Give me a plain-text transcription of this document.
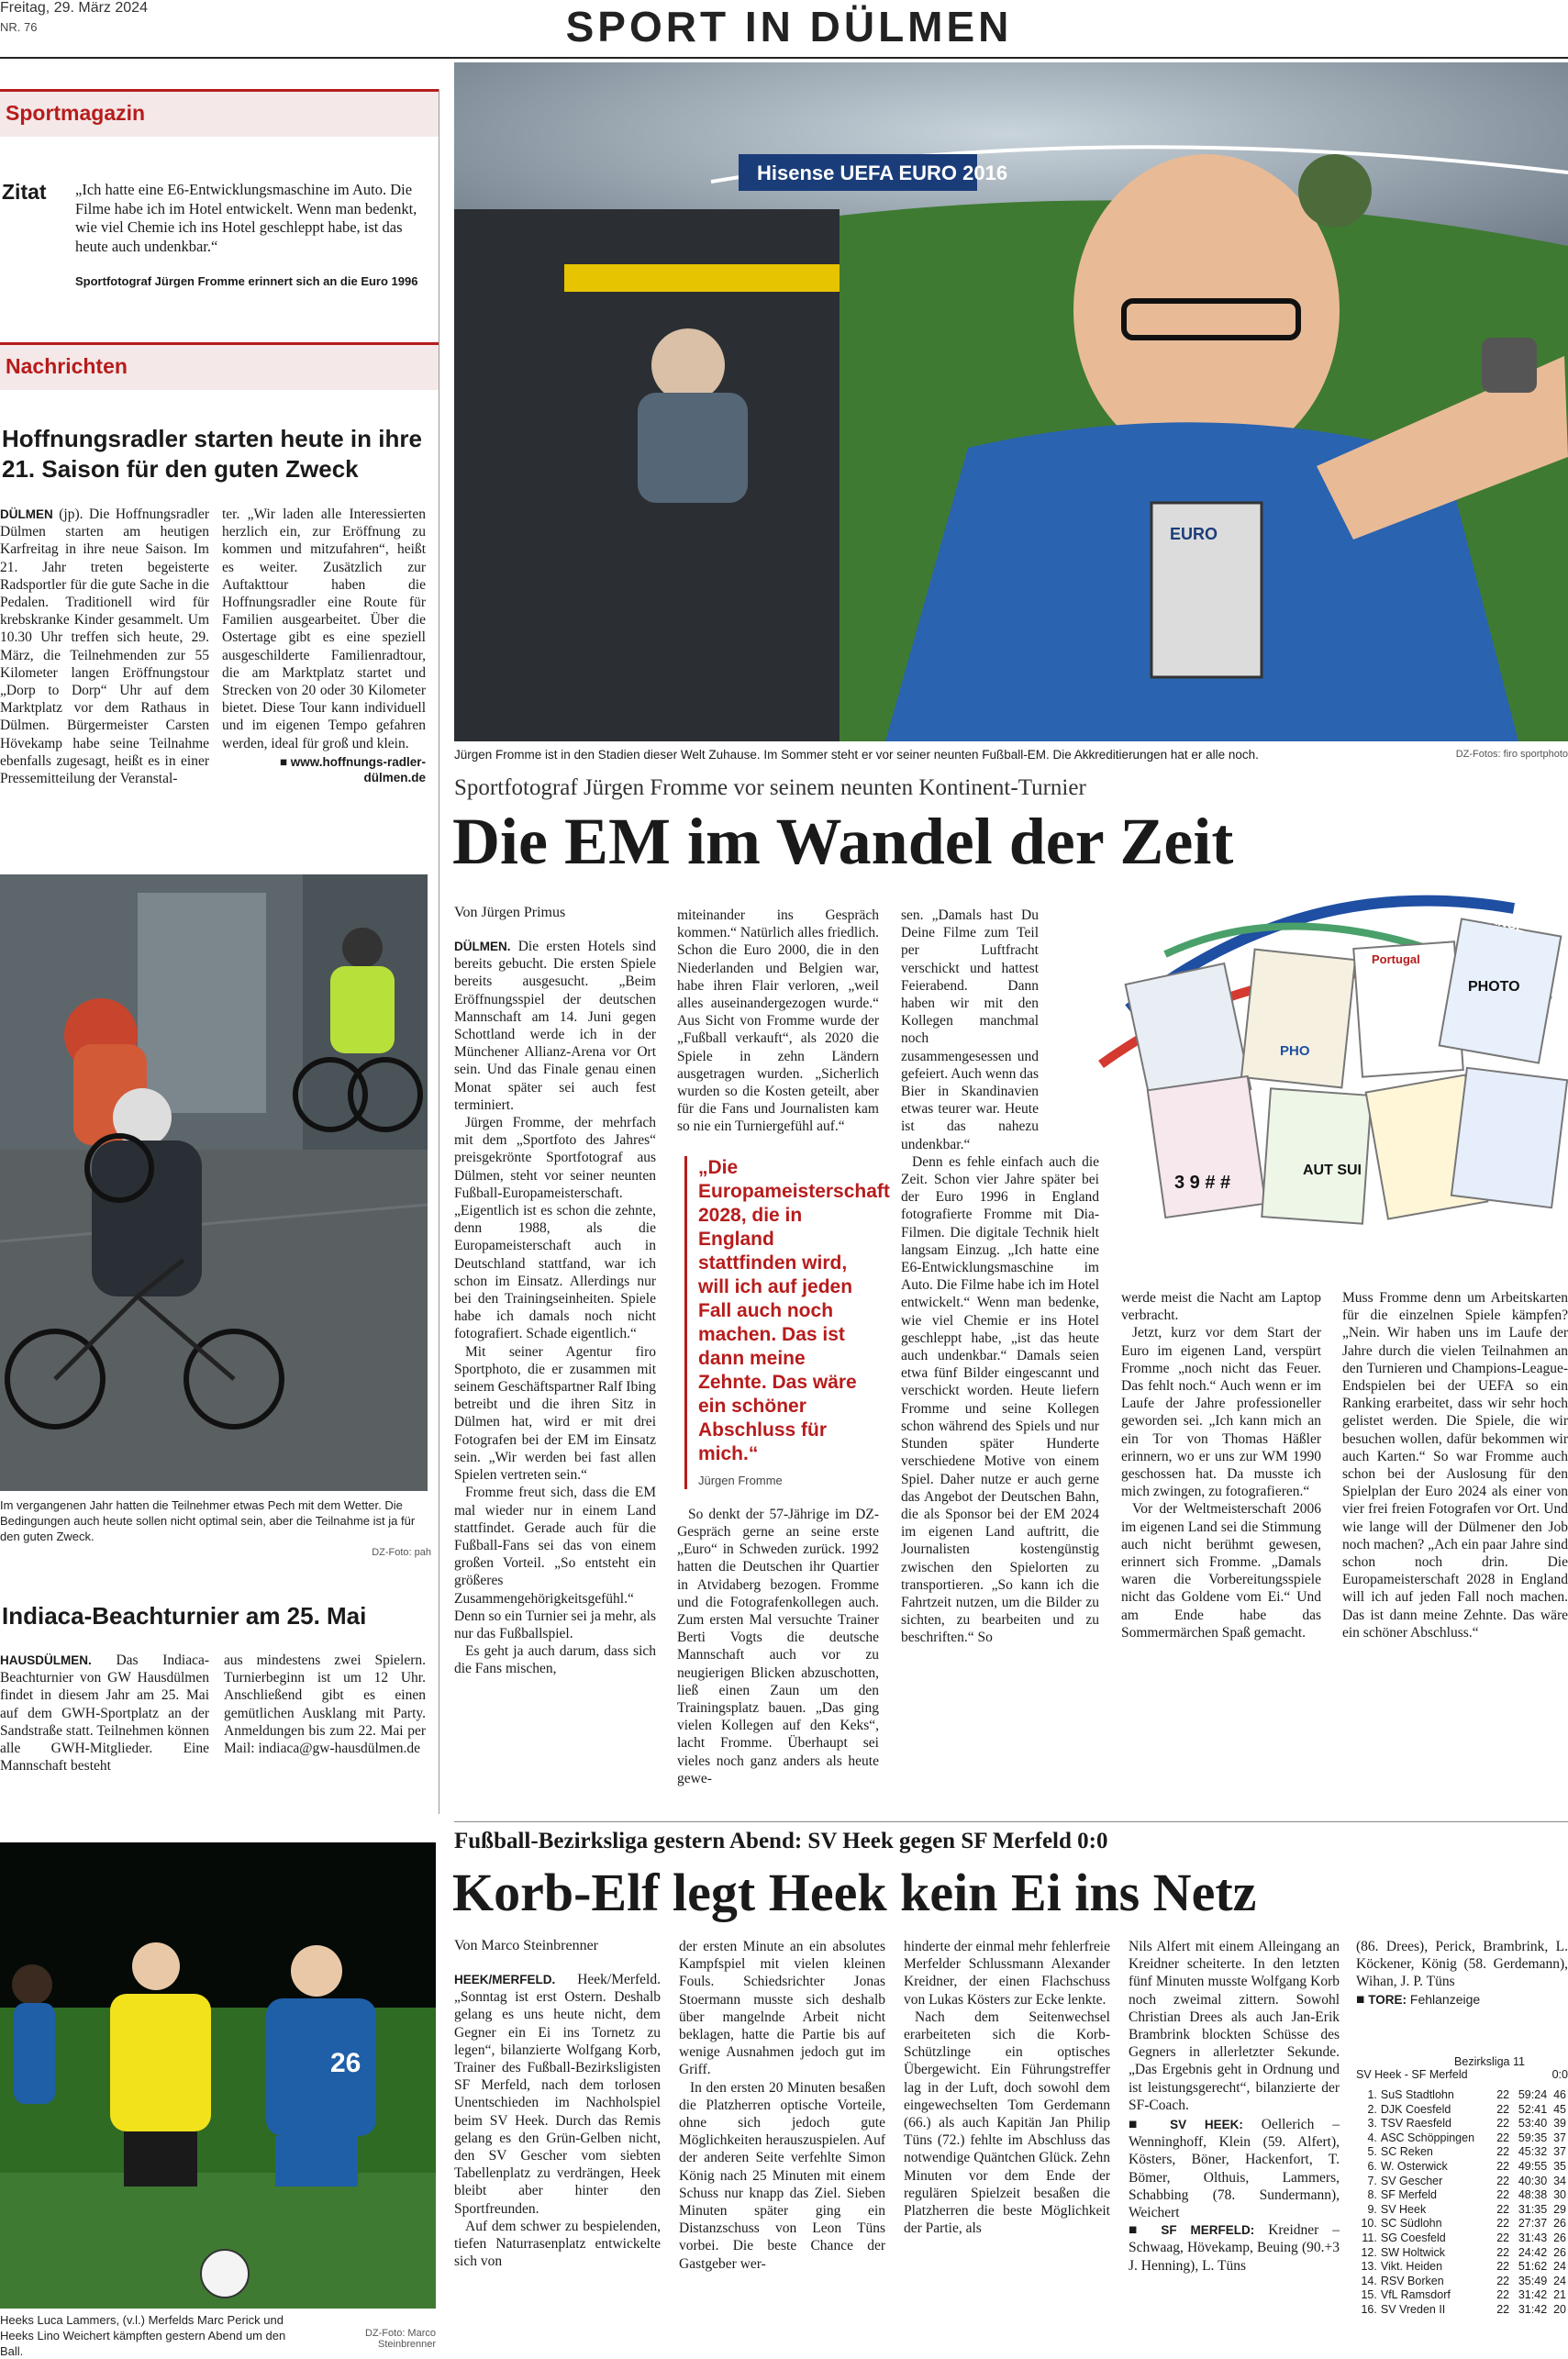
Freitag, 29. März 2024
NR. 76	SPORT IN DÜLMEN
Sportmagazin
Zitat „Ich hatte eine E6-Entwicklungsmaschine im Auto. Die Filme habe ich im Hotel entwickelt. Wenn man bedenkt, wie viel Chemie ich ins Hotel geschleppt habe, ist das heute auch undenkbar.“
Sportfotograf Jürgen Fromme erinnert sich an die Euro 1996
Nachrichten
Hoffnungsradler starten heute in ihre 21. Saison für den guten Zweck

DÜLMEN (jp). Die Hoffnungsradler Dülmen starten am heutigen Karfreitag in ihre neue Saison. Im 21. Jahr treten begeisterte Radsportler für die gute Sache in die Pedalen. Traditionell wird für krebskranke Kinder gesammelt. Um 10.30 Uhr treffen sich heute, 29. März, die Teilnehmenden zur 55 Kilometer langen Eröffnungstour „Dorp to Dorp“ Uhr auf dem Marktplatz vor dem Rathaus in Dülmen. Bürgermeister Carsten Hövekamp habe seine Teilnahme ebenfalls zugesagt, heißt es in einer Pressemitteilung der Veranstal-

ter. „Wir laden alle Interessierten herzlich ein, zur Eröffnung zu kommen und mitzufahren“, heißt es weiter. Zusätzlich zur Auftakttour haben die Hoffnungsradler eine Route für Familien ausgearbeitet. Über die Ostertage gibt es eine speziell ausgeschilderte Familienradtour, die am Marktplatz startet und Strecken von 20 oder 30 Kilometer bietet. Diese Tour kann individuell und im eigenen Tempo gefahren werden, ideal für groß und klein.

■ www.hoffnungs-radler-dülmen.de

Im vergangenen Jahr hatten die Teilnehmer etwas Pech mit dem Wetter. Die Bedingungen auch heute sollen nicht optimal sein, aber die Teilnahme ist ja für den guten Zweck.
DZ-Foto: pah
Indiaca-Beachturnier am 25. Mai

HAUSDÜLMEN. Das Indiaca-Beachturnier von GW Hausdülmen findet in diesem Jahr am 25. Mai auf dem GWH-Sportplatz an der Sandstraße statt. Teilnehmen können alle GWH-Mitglieder. Eine Mannschaft besteht

aus mindestens zwei Spielern. Turnierbeginn ist um 12 Uhr. Anschließend gibt es einen gemütlichen Ausklang mit Party. Anmeldungen bis zum 22. Mai per Mail: indiaca@gw-hausdülmen.de

26
Heeks Luca Lammers, (v.l.) Merfelds Marc Perick und Heeks Lino Weichert kämpften gestern Abend um den Ball.
DZ-Foto: Marco Steinbrenner
Hisense UEFA EURO 2016
EURO
Jürgen Fromme ist in den Stadien dieser Welt Zuhause. Im Sommer steht er vor seiner neunten Fußball-EM. Die Akkreditierungen hat er alle noch.	DZ-Fotos: firo sportphoto
Sportfotograf Jürgen Fromme vor seinem neunten Kontinent-Turnier
Die EM im Wandel der Zeit
PHOTO
AUT SUI
FRANCE
Portugal
PHO
3 9 # #
Von Jürgen Primus

DÜLMEN. Die ersten Hotels sind bereits gebucht. Die ersten Spiele bereits ausgesucht. „Beim Eröffnungsspiel der deutschen Mannschaft am 14. Juni gegen Schottland werde ich in der Münchener Allianz-Arena vor Ort sein. Und das Finale genau einen Monat später sei auch fest terminiert.

Jürgen Fromme, der mehrfach mit dem „Sportfoto des Jahres“ preisgekrönte Sportfotograf aus Dülmen, steht vor seiner neunten Fußball-Europameisterschaft. „Eigentlich ist es schon die zehnte, denn 1988, als die Europameisterschaft auch in Deutschland stattfand, war ich schon im Einsatz. Allerdings nur bei den Trainingseinheiten. Spiele habe ich damals noch nicht fotografiert. Schade eigentlich.“

Mit seiner Agentur firo Sportphoto, die er zusammen mit seinem Geschäftspartner Ralf Ibing betreibt und die ihren Sitz in Dülmen hat, wird er mit drei Fotografen bei der EM im Einsatz sein. „Wir werden bei fast allen Spielen vertreten sein.“

Fromme freut sich, dass die EM mal wieder nur in einem Land stattfindet. Gerade auch für die Fußball-Fans sei das von einem großen Vorteil. „So entsteht ein größeres Zusammengehörigkeitsgefühl.“ Denn so ein Turnier sei ja mehr, als nur das Fußballspiel.

Es geht ja auch darum, dass sich die Fans mischen,

miteinander ins Gespräch kommen.“ Natürlich alles friedlich. Schon die Euro 2000, die in den Niederlanden und Belgien war, habe ihren Flair verloren, „weil alles auseinandergezogen wurde.“ Aus Sicht von Fromme wurde der „Fußball verkauft“, als 2020 die Spiele in zehn Ländern ausgetragen wurden. „Sicherlich wurden so die Kosten geteilt, aber für die Fans und Journalisten kam so nie ein Turniergefühl auf.“

„Die Europameisterschaft 2028, die in England stattfinden wird, will ich auf jeden Fall auch noch machen. Das ist dann meine Zehnte. Das wäre ein schöner Abschluss für mich.“
Jürgen Fromme

So denkt der 57-Jährige im DZ-Gespräch gerne an seine erste „Euro“ in Schweden zurück. 1992 hatten die Deutschen ihr Quartier in Atvidaberg bezogen. Fromme und die Fotografenkollegen auch. Zum ersten Mal versuchte Trainer Berti Vogts die deutsche Mannschaft auch vor zu neugierigen Blicken abzuschotten, ließ einen Zaun um den Trainingsplatz bauen. „Das ging vielen Kollegen auf den Keks“, lacht Fromme. Überhaupt sei vieles noch ganz anders als heute gewe-

sen. „Damals hast Du Deine Filme zum Teil per Luftfracht verschickt und hattest Feierabend. Dann haben wir mit den Kollegen manchmal noch zusammengesessen und gefeiert. Auch wenn das Bier in Skandinavien etwas teurer war. Heute ist das nahezu undenkbar.“

Denn es fehle einfach auch die Zeit. Schon vier Jahre später bei der Euro 1996 in England fotografierte Fromme mit Dia-Filmen. Die digitale Technik hielt langsam Einzug. „Ich hatte eine E6-Entwicklungsmaschine im Auto. Die Filme habe ich im Hotel entwickelt.“ Wenn man bedenke, wie viel Chemie er ins Hotel geschleppt habe, „ist das heute auch undenkbar.“ Damals seien etwa fünf Bilder eingescannt und verschickt worden. Heute liefern Fromme und seine Kollegen schon während des Spiels und nur Stunden später Hunderte verschiedene Motive von einem Spiel. Daher nutze er auch gerne das Angebot der Deutschen Bahn, die als Sponsor bei der EM 2024 im eigenen Land auftritt, die Journalisten kostengünstig zwischen den Spielorten zu transportieren. „So kann ich die Fahrtzeit nutzen, um die Bilder zu sichten, zu bearbeiten und zu beschriften.“ So

werde meist die Nacht am Laptop verbracht.

Jetzt, kurz vor dem Start der Euro im eigenen Land, verspürt Fromme „noch nicht das Feuer. Das fehlt noch.“ Auch wenn er im Laufe der Jahre professioneller geworden sei. „Ich kann mich an ein Tor von Thomas Häßler erinnern, wo er uns zur WM 1990 geschossen hat. Da musste ich mich zwingen, zu fotografieren.“

Vor der Weltmeisterschaft 2006 im eigenen Land sei die Stimmung auch nicht berühmt gewesen, erinnert sich Fromme. „Damals waren die Vorbereitungsspiele nicht das Goldene vom Ei.“ Und am Ende habe das Sommermärchen Spaß gemacht.

Muss Fromme denn um Arbeitskarten für die einzelnen Spiele kämpfen? „Nein. Wir haben uns im Laufe der Jahre durch die vielen Teilnahmen an den Turnieren und Champions-League-Endspielen bei der UEFA so ein Ranking erarbeitet, dass wir sehr hoch gelistet werden. Die Spiele, die wir besuchen wollen, dafür bekommen wir auch Karten.“ So war Fromme auch schon bei der Auslosung für den Spielplan der Euro 2024 als einer von vier frei freien Fotografen vor Ort. Und wie lange will der Dülmener den Job noch machen? „Ach ein paar Jahre sind schon noch drin. Die Europameisterschaft 2028 in England will ich auf jeden Fall noch machen. Das ist dann meine Zehnte. Das wäre ein schöner Abschluss.“

Fußball-Bezirksliga gestern Abend: SV Heek gegen SF Merfeld 0:0
Korb-Elf legt Heek kein Ei ins Netz
Von Marco Steinbrenner

HEEK/MERFELD. Heek/Merfeld. „Sonntag ist erst Ostern. Deshalb gelang es uns heute nicht, dem Gegner ein Ei ins Tornetz zu legen“, bilanzierte Wolfgang Korb, Trainer des Fußball-Bezirksligisten SF Merfeld, nach dem torlosen Unentschieden im Nachholspiel beim SV Heek. Durch das Remis gelang es den Grün-Gelben nicht, den SV Gescher vom siebten Tabellenplatz zu verdrängen, Heek bleibt aber hinter den Sportfreunden.

Auf dem schwer zu bespielenden, tiefen Naturrasenplatz entwickelte sich von

der ersten Minute an ein absolutes Kampfspiel mit vielen kleinen Fouls. Schiedsrichter Jonas Stoermann musste sich deshalb über mangelnde Arbeit nicht beklagen, hatte die Partie bis auf wenige Ausnahmen jedoch gut im Griff.

In den ersten 20 Minuten besaßen die Platzherren optische Vorteile, ohne sich jedoch gute Möglichkeiten herauszuspielen. Auf der anderen Seite verfehlte Simon König nach 25 Minuten mit einem Schuss nur knapp das Ziel. Sieben Minuten später ging ein Distanzschuss von Leon Tüns vorbei. Die beste Chance der Gastgeber wer-

hinderte der einmal mehr fehlerfreie Merfelder Schlussmann Alexander Kreidner, der einen Flachschuss von Lukas Kösters zur Ecke lenkte.

Nach dem Seitenwechsel erarbeiteten sich die Korb-Schützlinge ein optisches Übergewicht. Ein Führungstreffer lag in der Luft, doch sowohl dem eingewechselten Tom Gerdemann (66.) als auch Kapitän Jan Philip Tüns (72.) fehlte im Abschluss das notwendige Quäntchen Glück. Zehn Minuten vor dem Ende der regulären Spielzeit besaßen die Platzherren die beste Möglichkeit der Partie, als

Nils Alfert mit einem Alleingang an Kreidner scheiterte. In den letzten fünf Minuten musste Wolfgang Korb noch zweimal zittern. Sowohl Christian Drees als auch Jan-Erik Brambrink blockten Schüsse des Gegners in allerletzter Sekunde. „Das Ergebnis geht in Ordnung und ist leistungsgerecht“, bilanzierte der SF-Coach.

■ SV HEEK: Oellerich – Wenninghoff, Klein (59. Alfert), Kösters, Böner, Hackenfort, T. Bömer, Olthuis, Lammers, Schabbing (78. Sundermann), Weichert

■ SF MERFELD: Kreidner – Schwaag, Hövekamp, Beuing (90.+3 J. Henning), L. Tüns

(86. Drees), Perick, Brambrink, L. Köckener, König (58. Gerdemann), Wihan, J. P. Tüns

■ TORE: Fehlanzeige

Bezirksliga 11
SV Heek - SF Merfeld	0:0
1.	SuS Stadtlohn	22	59:24	46
2.	DJK Coesfeld	22	52:41	45
3.	TSV Raesfeld	22	53:40	39
4.	ASC Schöppingen	22	59:35	37
5.	SC Reken	22	45:32	37
6.	W. Osterwick	22	49:55	35
7.	SV Gescher	22	40:30	34
8.	SF Merfeld	22	48:38	30
9.	SV Heek	22	31:35	29
10.	SC Südlohn	22	27:37	26
11.	SG Coesfeld	22	31:43	26
12.	SW Holtwick	22	24:42	26
13.	Vikt. Heiden	22	51:62	24
14.	RSV Borken	22	35:49	24
15.	VfL Ramsdorf	22	31:42	21
16.	SV Vreden II	22	31:42	20
